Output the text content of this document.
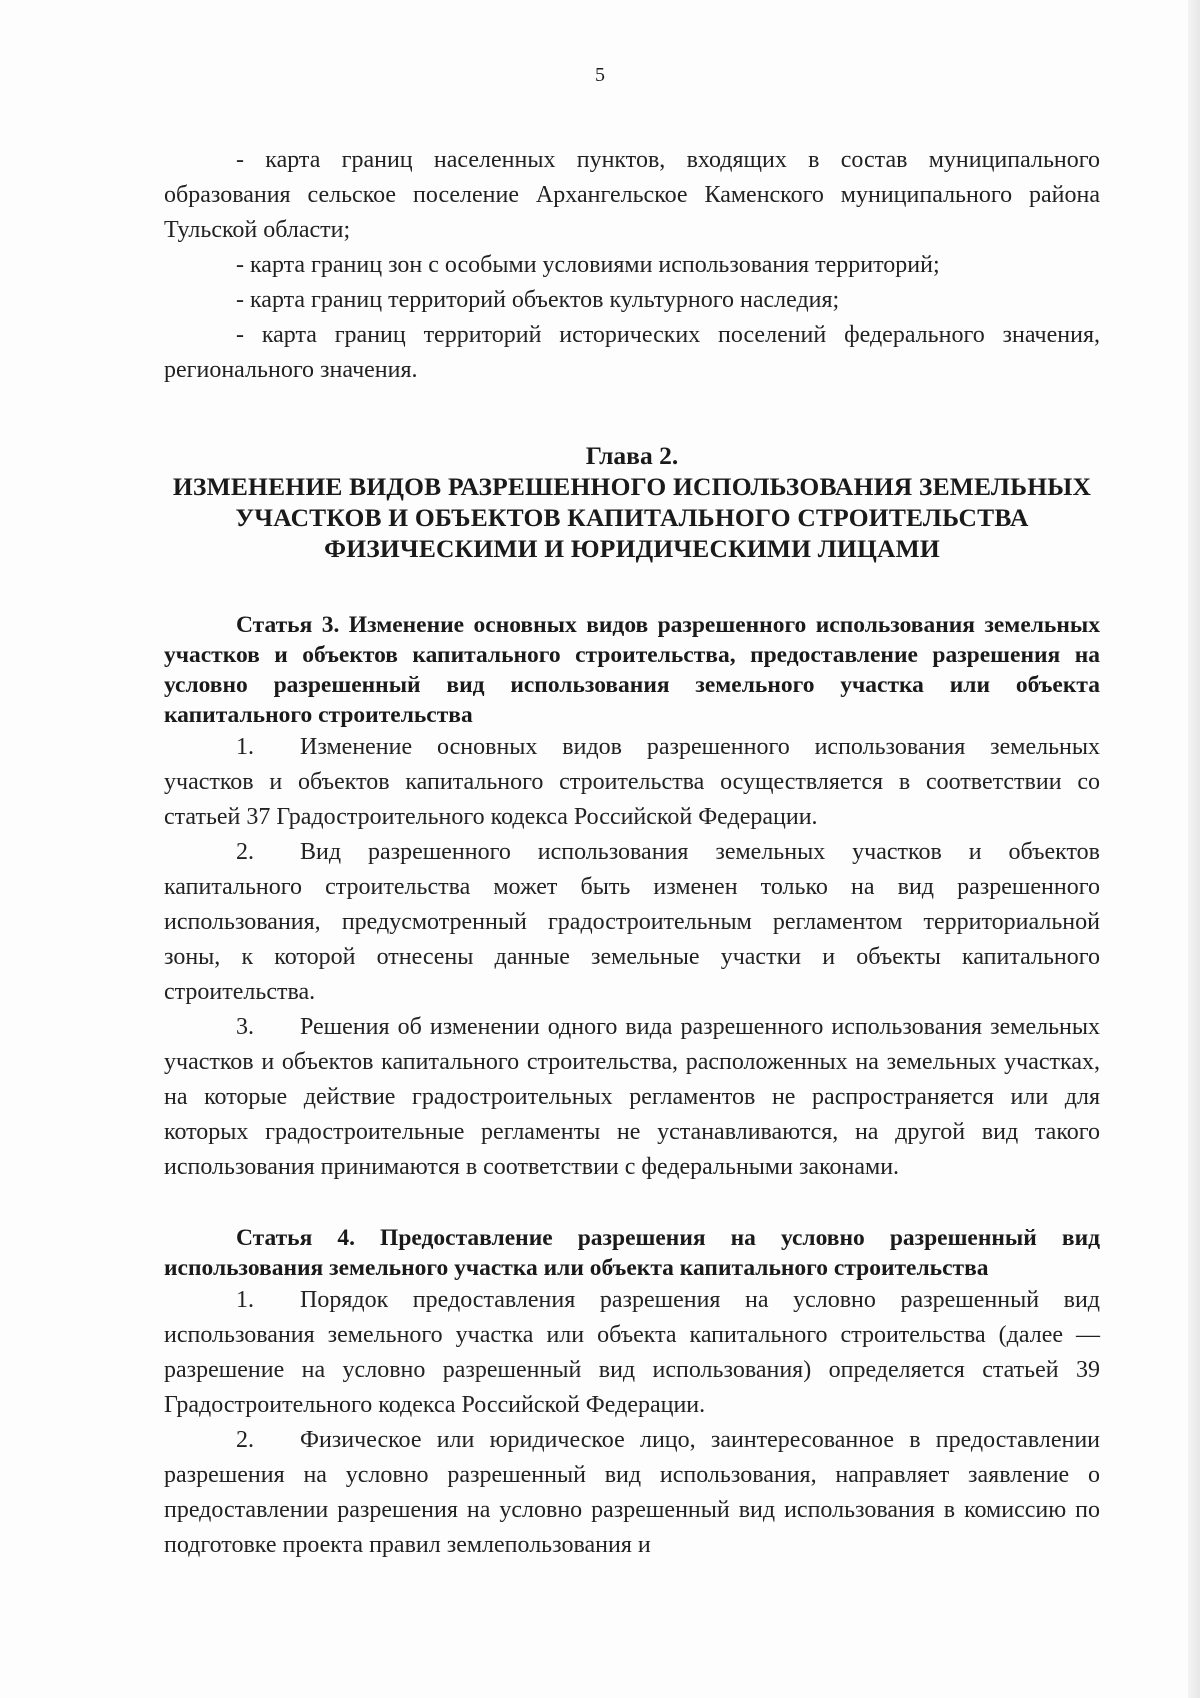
5

- карта границ населенных пунктов, входящих в состав муниципального образования сельское поселение Архангельское Каменского муниципального района Тульской области;

- карта границ зон с особыми условиями использования территорий;

- карта границ территорий объектов культурного наследия;

- карта границ территорий исторических поселений федерального значения, регионального значения.

Глава 2.
ИЗМЕНЕНИЕ ВИДОВ РАЗРЕШЕННОГО ИСПОЛЬЗОВАНИЯ ЗЕМЕЛЬНЫХ УЧАСТКОВ И ОБЪЕКТОВ КАПИТАЛЬНОГО СТРОИТЕЛЬСТВА ФИЗИЧЕСКИМИ И ЮРИДИЧЕСКИМИ ЛИЦАМИ
Статья 3. Изменение основных видов разрешенного использования земельных участков и объектов капитального строительства, предоставление разрешения на условно разрешенный вид использования земельного участка или объекта капитального строительства

1. Изменение основных видов разрешенного использования земельных участков и объектов капитального строительства осуществляется в соответствии со статьей 37 Градостроительного кодекса Российской Федерации.

2. Вид разрешенного использования земельных участков и объектов капитального строительства может быть изменен только на вид разрешенного использования, предусмотренный градостроительным регламентом территориальной зоны, к которой отнесены данные земельные участки и объекты капитального строительства.

3. Решения об изменении одного вида разрешенного использования земельных участков и объектов капитального строительства, расположенных на земельных участках, на которые действие градостроительных регламентов не распространяется или для которых градостроительные регламенты не устанавливаются, на другой вид такого использования принимаются в соответствии с федеральными законами.

Статья 4. Предоставление разрешения на условно разрешенный вид использования земельного участка или объекта капитального строительства

1. Порядок предоставления разрешения на условно разрешенный вид использования земельного участка или объекта капитального строительства (далее — разрешение на условно разрешенный вид использования) определяется статьей 39 Градостроительного кодекса Российской Федерации.

2. Физическое или юридическое лицо, заинтересованное в предоставлении разрешения на условно разрешенный вид использования, направляет заявление о предоставлении разрешения на условно разрешенный вид использования в комиссию по подготовке проекта правил землепользования и
